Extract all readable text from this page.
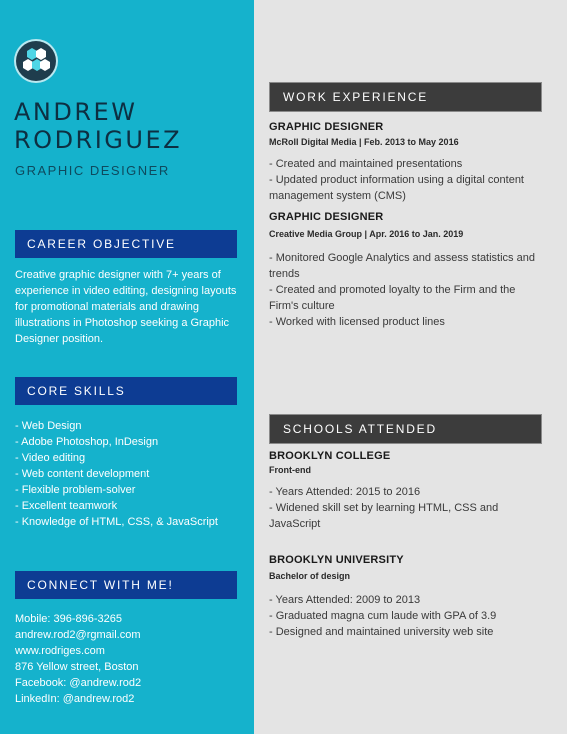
ANDREW
RODRIGUEZ
GRAPHIC DESIGNER
CAREER OBJECTIVE
Creative graphic designer with 7+ years of experience in video editing, designing layouts for promotional materials and drawing illustrations in Photoshop seeking a Graphic Designer position.
CORE SKILLS
- Web Design
- Adobe Photoshop, InDesign
- Video editing
- Web content development
- Flexible problem-solver
- Excellent teamwork
- Knowledge of HTML, CSS, & JavaScript
CONNECT WITH ME!
Mobile: 396-896-3265
andrew.rod2@rgmail.com
www.rodriges.com
876 Yellow street, Boston
Facebook: @andrew.rod2
LinkedIn: @andrew.rod2
WORK EXPERIENCE
GRAPHIC DESIGNER
McRoll Digital Media | Feb. 2013 to May 2016
- Created and maintained presentations
- Updated product information using a digital content management system (CMS)
GRAPHIC DESIGNER
Creative Media Group | Apr. 2016 to Jan. 2019
- Monitored Google Analytics and assess statistics and trends
- Created and promoted loyalty to the Firm and the Firm's culture
- Worked with licensed product lines
SCHOOLS ATTENDED
BROOKLYN COLLEGE
Front-end
- Years Attended: 2015 to 2016
- Widened skill set by learning HTML, CSS and JavaScript
BROOKLYN UNIVERSITY
Bachelor of design
- Years Attended: 2009 to 2013
- Graduated magna cum laude with GPA of 3.9
- Designed and maintained university web site
